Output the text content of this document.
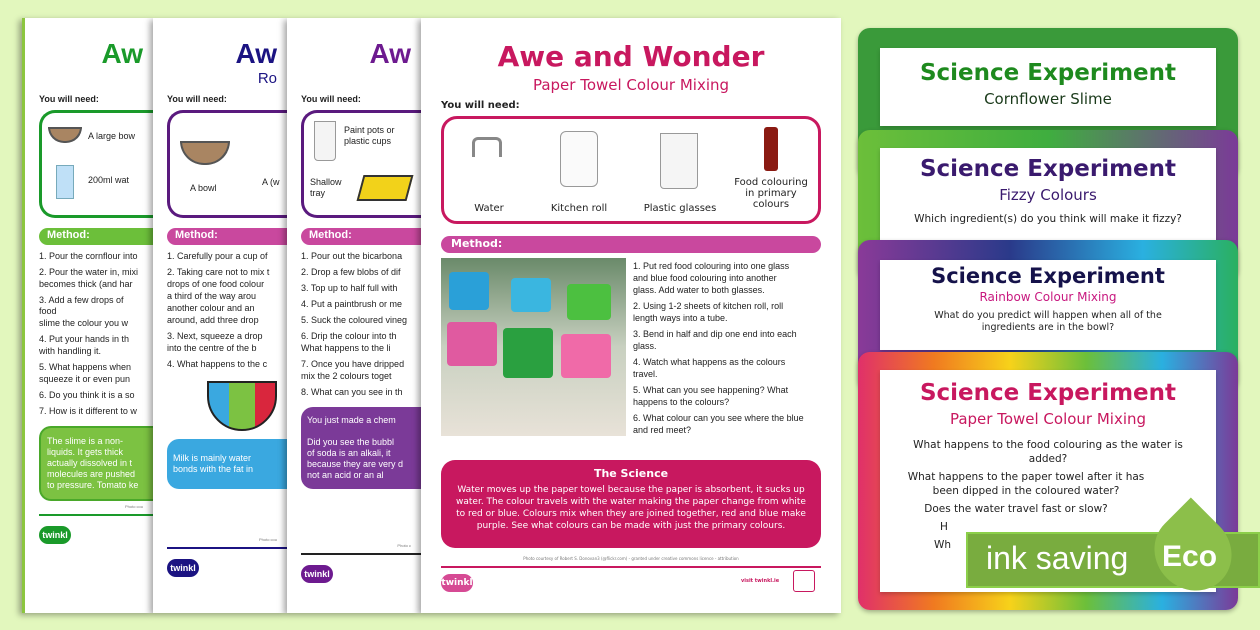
Aw
You will need:
A large bow
200ml wat
Method:
1. Pour the cornflour into
2. Pour the water in, mixi
becomes thick (and har
3. Add a few drops of food
slime the colour you w
4. Put your hands in th
with handling it.
5. What happens when
squeeze it or even pun
6. Do you think it is a so
7. How is it different to w
The slime is a non-
liquids. It gets thick
actually dissolved in t
molecules are pushed
to pressure. Tomato ke
Photo cou
twinkl
Aw
Ro
You will need:
A bowl
A (w
Method:
1. Carefully pour a cup of
2. Taking care not to mix t
drops of one food colour
a third of the way arou
another colour and an
around, add three drop
3. Next, squeeze a drop
into the centre of the b
4. What happens to the c
Milk is mainly water
bonds with the fat in
Photo cou
twinkl
Aw
You will need:
Paint pots or plastic cups
Shallow tray
Method:
1. Pour out the bicarbona
2. Drop a few blobs of dif
3. Top up to half full with
4. Put a paintbrush or me
5. Suck the coloured vineg
6. Drip the colour into th
What happens to the li
7. Once you have dripped
mix the 2 colours toget
8. What can you see in th
You just made a chem

Did you see the bubbl
of soda is an alkali, it
because they are very d
not an acid or an al
Photo c
twinkl
Awe and Wonder
Paper Towel Colour Mixing
You will need:
Water	Kitchen roll	Plastic glasses
Food colouring in primary colours
Method:
1. Put red food colouring into one glass
and blue food colouring into another
glass. Add water to both glasses.
2. Using 1-2 sheets of kitchen roll, roll
length ways into a tube.
3. Bend in half and dip one end into each
glass.
4. Watch what happens as the colours
travel.
5. What can you see happening? What
happens to the colours?
6. What colour can you see where the blue
and red meet?
The Science
Water moves up the paper towel because the paper is absorbent, it sucks up water. The colour travels with the water making the paper change from white to red or blue. Colours mix when they are joined together, red and blue make purple. See what colours can be made with just the primary colours.
Photo courtesy of Robert S. Donovan3 (@flickr.com) - granted under creative commons licence - attribution
twinkl	visit twinkl.ie
Science Experiment
Cornflower Slime
Science Experiment
Fizzy Colours
Which ingredient(s) do you think will make it fizzy?
Science Experiment
Rainbow Colour Mixing
What do you predict will happen when all of the ingredients are in the bowl?
Science Experiment
Paper Towel Colour Mixing
What happens to the food colouring as the water is added?
What happens to the paper towel after it has been dipped in the coloured water?
Does the water travel fast or slow?
H
Wh	ink saving Eco
